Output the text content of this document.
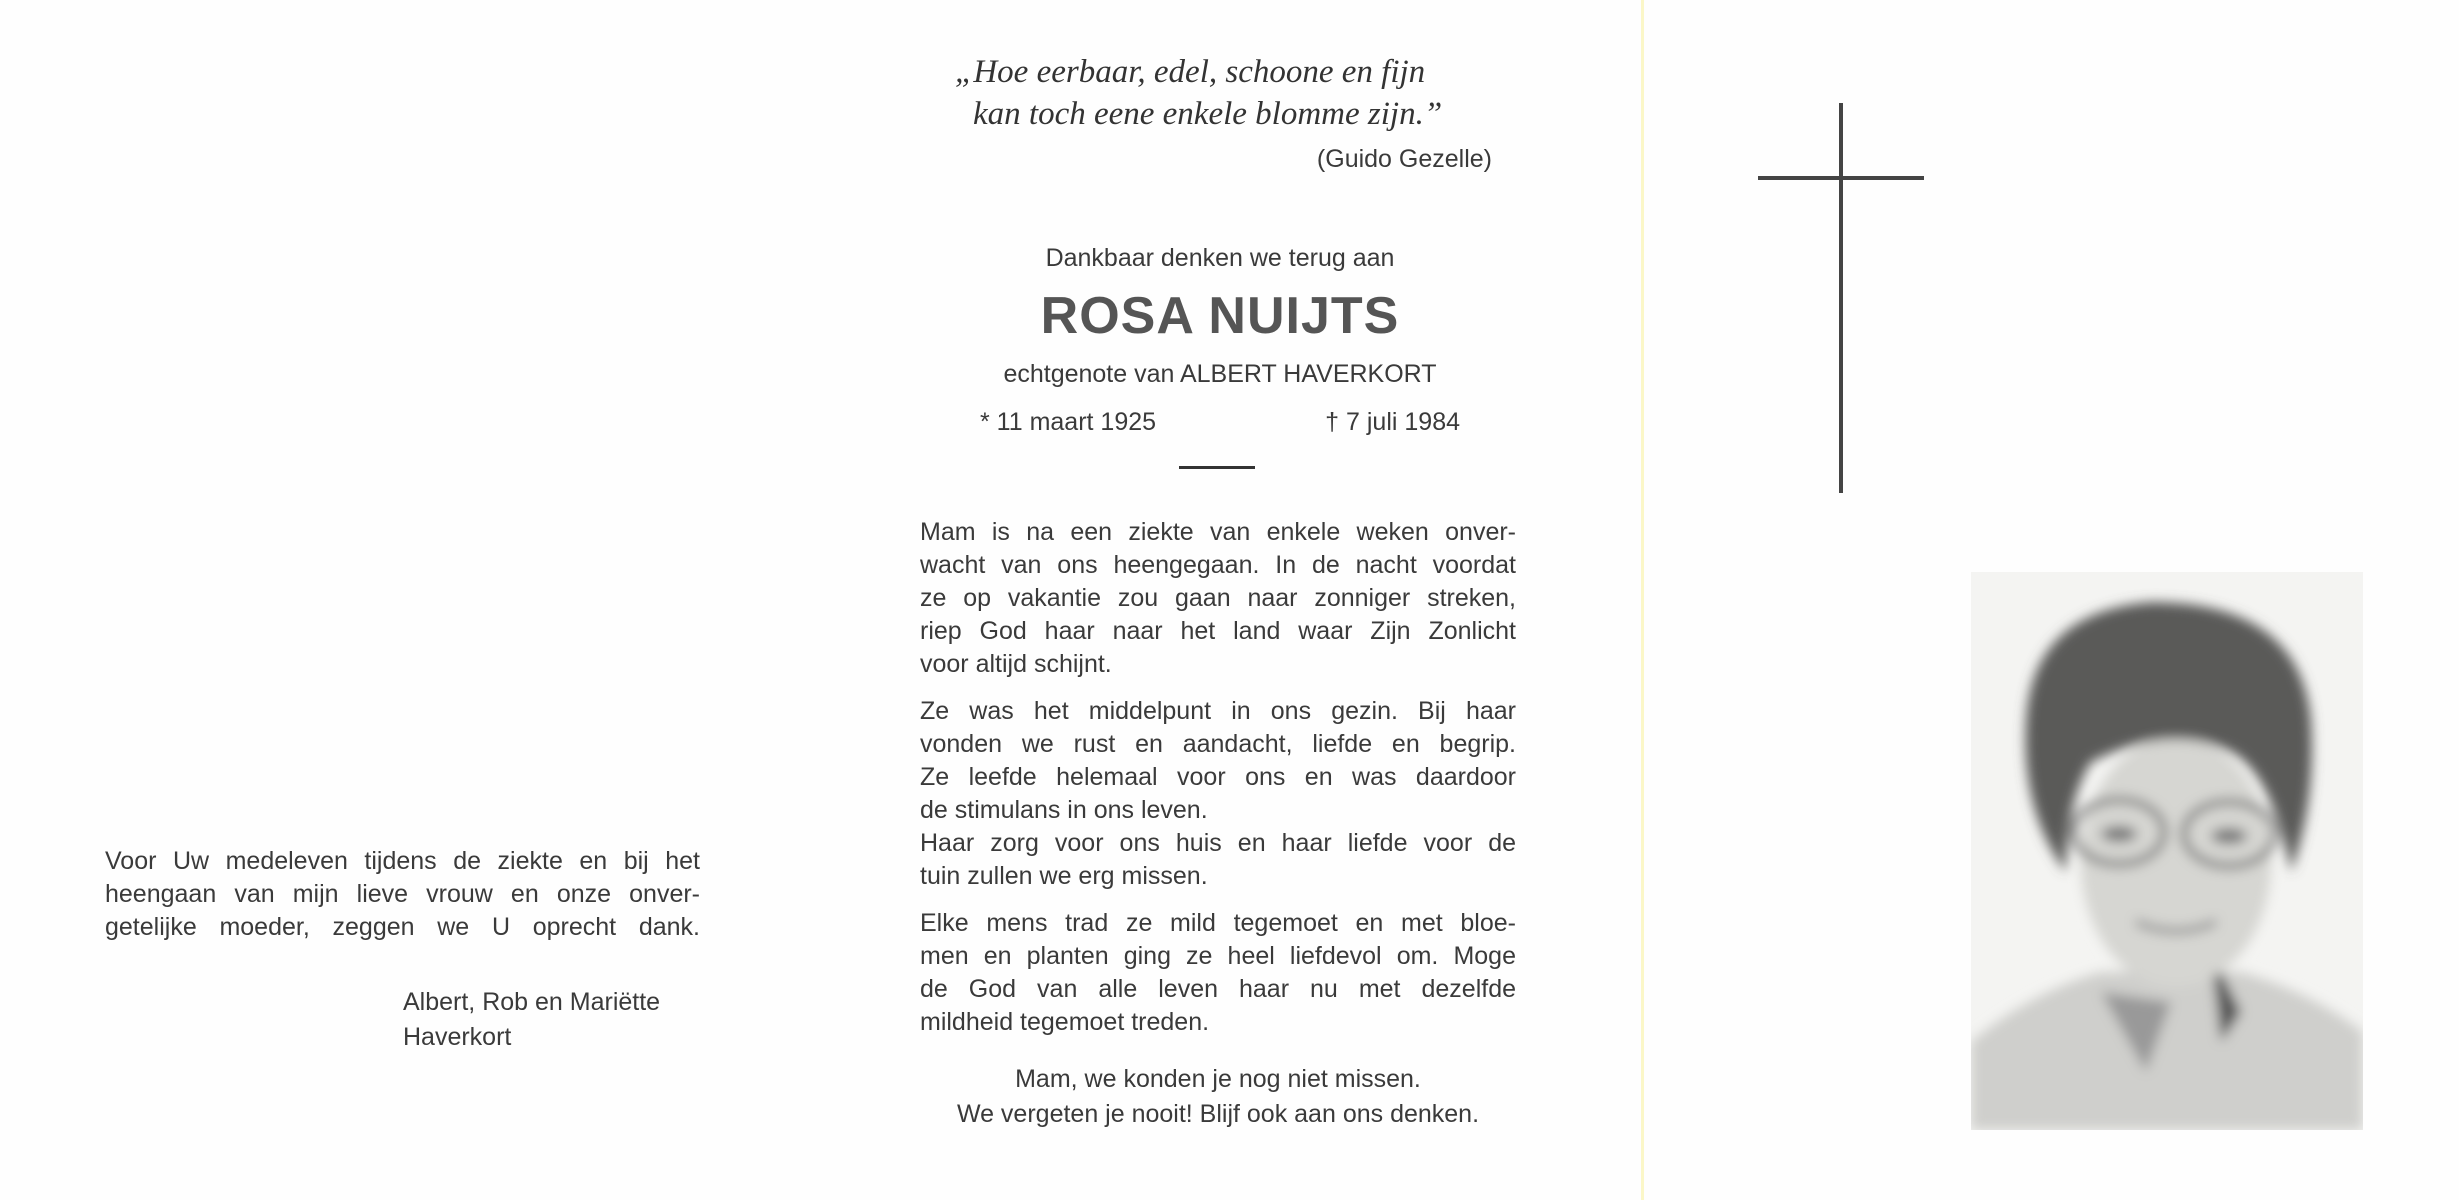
„Hoe eerbaar, edel, schoone en fijn
kan toch eene enkele blomme zijn.”
(Guido Gezelle)
Dankbaar denken we terug aan
ROSA NUIJTS
echtgenote van ALBERT HAVERKORT
* 11 maart 1925	† 7 juli 1984
Mam is na een ziekte van enkele weken onver-
wacht van ons heengegaan. In de nacht voordat
ze op vakantie zou gaan naar zonniger streken,
riep God haar naar het land waar Zijn Zonlicht
voor altijd schijnt.
Ze was het middelpunt in ons gezin. Bij haar
vonden we rust en aandacht, liefde en begrip.
Ze leefde helemaal voor ons en was daardoor
de stimulans in ons leven.
Haar zorg voor ons huis en haar liefde voor de
tuin zullen we erg missen.
Elke mens trad ze mild tegemoet en met bloe-
men en planten ging ze heel liefdevol om. Moge
de God van alle leven haar nu met dezelfde
mildheid tegemoet treden.
Mam, we konden je nog niet missen.
We vergeten je nooit! Blijf ook aan ons denken.
Voor Uw medeleven tijdens de ziekte en bij het
heengaan van mijn lieve vrouw en onze onver-
getelijke moeder, zeggen we U oprecht dank.
Albert, Rob en Mariëtte
Haverkort
